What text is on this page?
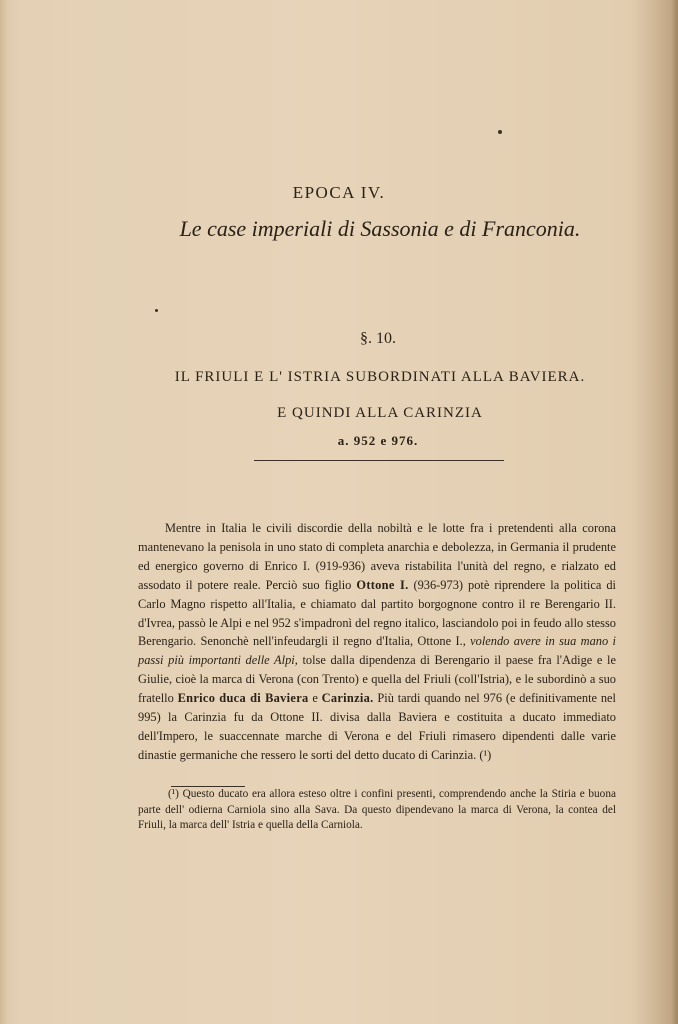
EPOCA IV.
Le case imperiali di Sassonia e di Franconia.
§. 10.
IL FRIULI E L' ISTRIA SUBORDINATI ALLA BAVIERA.
E QUINDI ALLA CARINZIA
a. 952 e 976.

Mentre in Italia le civili discordie della nobiltà e le lotte fra i pretendenti alla corona mantenevano la penisola in uno stato di completa anarchia e debolezza, in Germania il prudente ed energico governo di Enrico I. (919-936) aveva ristabilita l'unità del regno, e rialzato ed assodato il potere reale. Perciò suo figlio Ottone I. (936-973) potè riprendere la politica di Carlo Magno rispetto all'Italia, e chiamato dal partito borgognone contro il re Berengario II. d'Ivrea, passò le Alpi e nel 952 s'impadronì del regno italico, lasciandolo poi in feudo allo stesso Berengario. Senonchè nell'infeudargli il regno d'Italia, Ottone I., volendo avere in sua mano i passi più importanti delle Alpi, tolse dalla dipendenza di Berengario il paese fra l'Adige e le Giulie, cioè la marca di Verona (con Trento) e quella del Friuli (coll'Istria), e le subordinò a suo fratello Enrico duca di Baviera e Carinzia. Più tardi quando nel 976 (e definitivamente nel 995) la Carinzia fu da Ottone II. divisa dalla Baviera e costituita a ducato immediato dell'Impero, le suaccennate marche di Verona e del Friuli rimasero dipendenti dalle varie dinastie germaniche che ressero le sorti del detto ducato di Carinzia. (¹)

(¹) Questo ducato era allora esteso oltre i confini presenti, comprendendo anche la Stiria e buona parte dell' odierna Carniola sino alla Sava. Da questo dipendevano la marca di Verona, la contea del Friuli, la marca dell' Istria e quella della Carniola.
